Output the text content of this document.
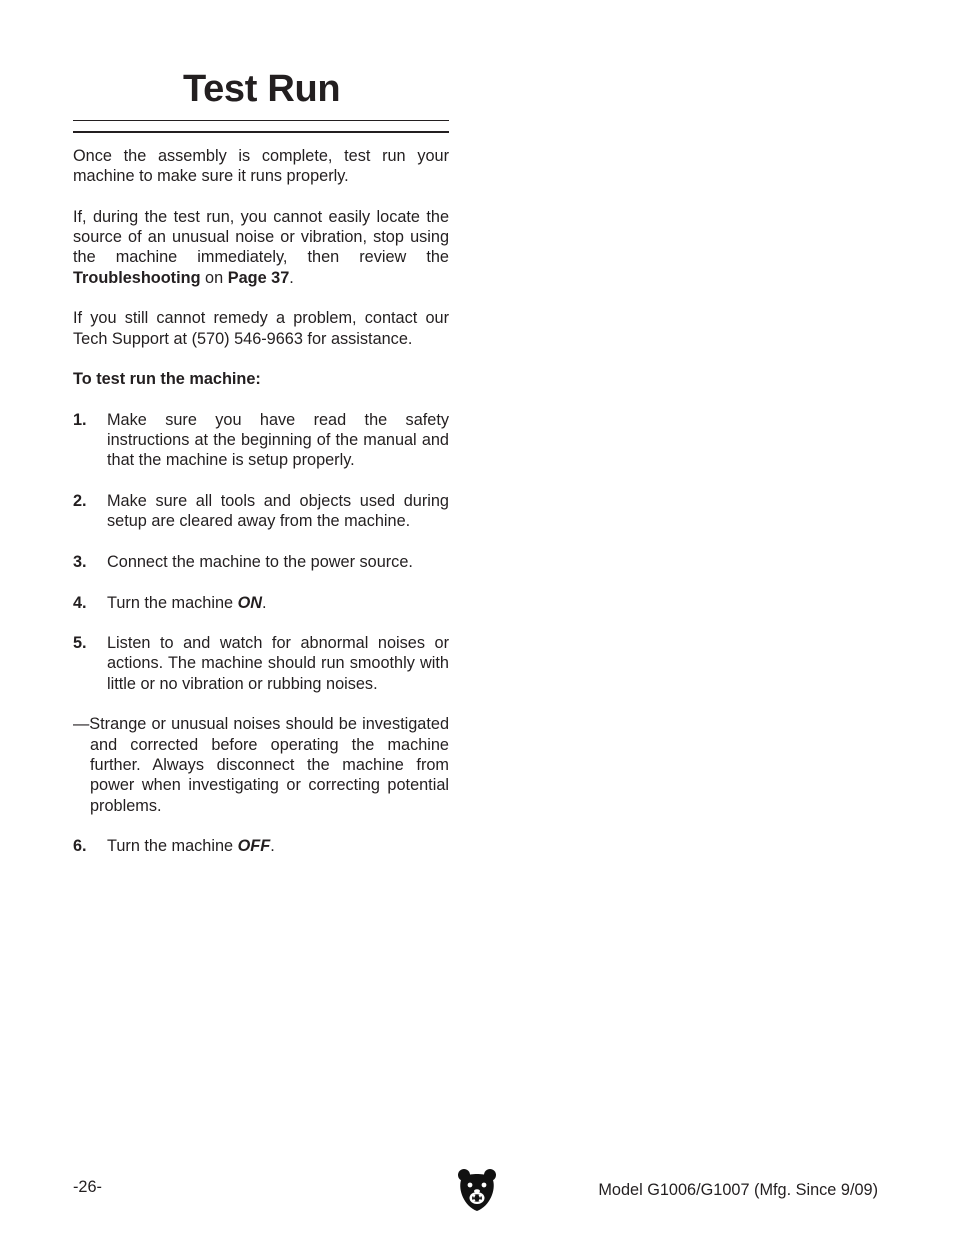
Test Run

Once the assembly is complete, test run your machine to make sure it runs properly.

If, during the test run, you cannot easily locate the source of an unusual noise or vibration, stop using the machine immediately, then review the Troubleshooting on Page 37.

If you still cannot remedy a problem, contact our Tech Support at (570) 546-9663 for assistance.

To test run the machine:

1. Make sure you have read the safety instructions at the beginning of the manual and that the machine is setup properly.
2. Make sure all tools and objects used during setup are cleared away from the machine.
3. Connect the machine to the power source.
4. Turn the machine ON.
5. Listen to and watch for abnormal noises or actions. The machine should run smoothly with little or no vibration or rubbing noises.

—Strange or unusual noises should be investigated and corrected before operating the machine further. Always disconnect the machine from power when investigating or correcting potential problems.

6. Turn the machine OFF.
-26-	Model G1006/G1007 (Mfg. Since 9/09)
